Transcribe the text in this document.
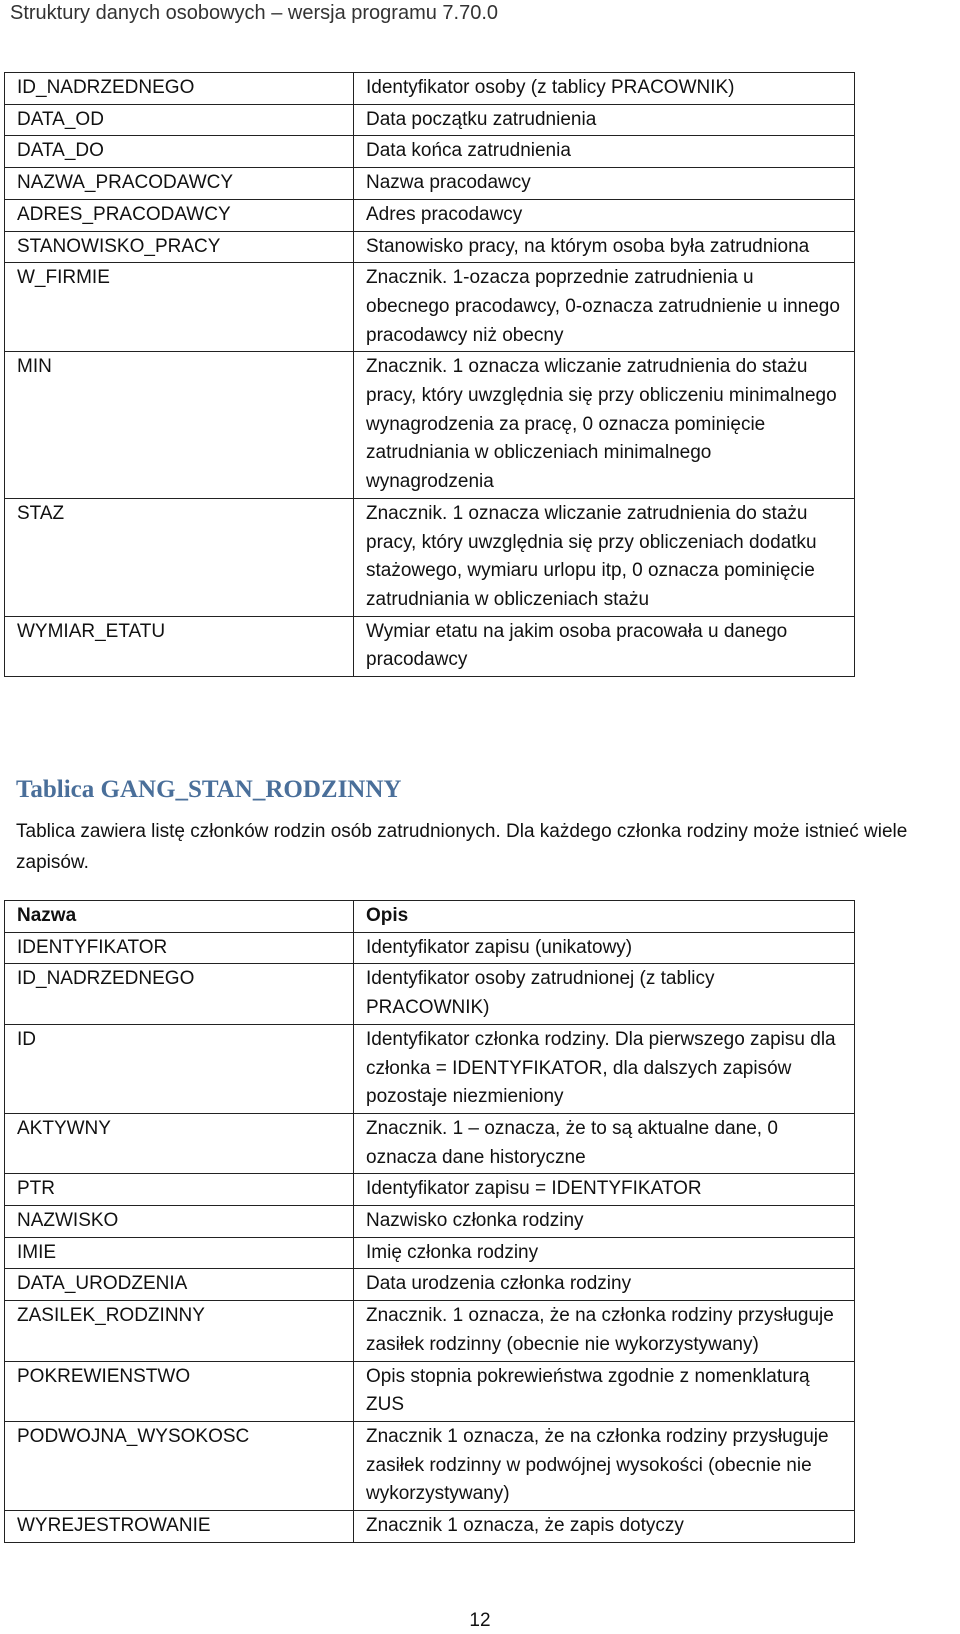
Struktury danych osobowych – wersja programu 7.70.0
ID_NADRZEDNEGO	Identyfikator osoby (z tablicy PRACOWNIK)
DATA_OD	Data początku zatrudnienia
DATA_DO	Data końca zatrudnienia
NAZWA_PRACODAWCY	Nazwa pracodawcy
ADRES_PRACODAWCY	Adres pracodawcy
STANOWISKO_PRACY	Stanowisko pracy, na którym osoba była zatrudniona
W_FIRMIE	Znacznik. 1-ozacza poprzednie zatrudnienia u obecnego pracodawcy, 0-oznacza zatrudnienie u innego pracodawcy niż obecny
MIN	Znacznik. 1 oznacza wliczanie zatrudnienia do stażu pracy, który uwzględnia się przy obliczeniu minimalnego wynagrodzenia za pracę, 0 oznacza pominięcie zatrudniania w obliczeniach minimalnego wynagrodzenia
STAZ	Znacznik. 1 oznacza wliczanie zatrudnienia do stażu pracy, który uwzględnia się przy obliczeniach dodatku stażowego, wymiaru urlopu itp, 0 oznacza pominięcie zatrudniania w obliczeniach stażu
WYMIAR_ETATU	Wymiar etatu na jakim osoba pracowała u danego pracodawcy
Tablica GANG_STAN_RODZINNY
Tablica zawiera listę członków rodzin osób zatrudnionych. Dla każdego członka rodziny może istnieć wiele zapisów.
Nazwa	Opis
IDENTYFIKATOR	Identyfikator zapisu (unikatowy)
ID_NADRZEDNEGO	Identyfikator osoby zatrudnionej (z tablicy PRACOWNIK)
ID	Identyfikator członka rodziny. Dla pierwszego zapisu dla członka = IDENTYFIKATOR, dla dalszych zapisów pozostaje niezmieniony
AKTYWNY	Znacznik. 1 – oznacza, że to są aktualne dane, 0 oznacza dane historyczne
PTR	Identyfikator zapisu = IDENTYFIKATOR
NAZWISKO	Nazwisko członka rodziny
IMIE	Imię członka rodziny
DATA_URODZENIA	Data urodzenia członka rodziny
ZASILEK_RODZINNY	Znacznik. 1 oznacza, że na członka rodziny przysługuje zasiłek rodzinny (obecnie nie wykorzystywany)
POKREWIENSTWO	Opis stopnia pokrewieństwa zgodnie z nomenklaturą ZUS
PODWOJNA_WYSOKOSC	Znacznik 1 oznacza, że na członka rodziny przysługuje zasiłek rodzinny w podwójnej wysokości (obecnie nie wykorzystywany)
WYREJESTROWANIE	Znacznik 1 oznacza, że zapis dotyczy
12
